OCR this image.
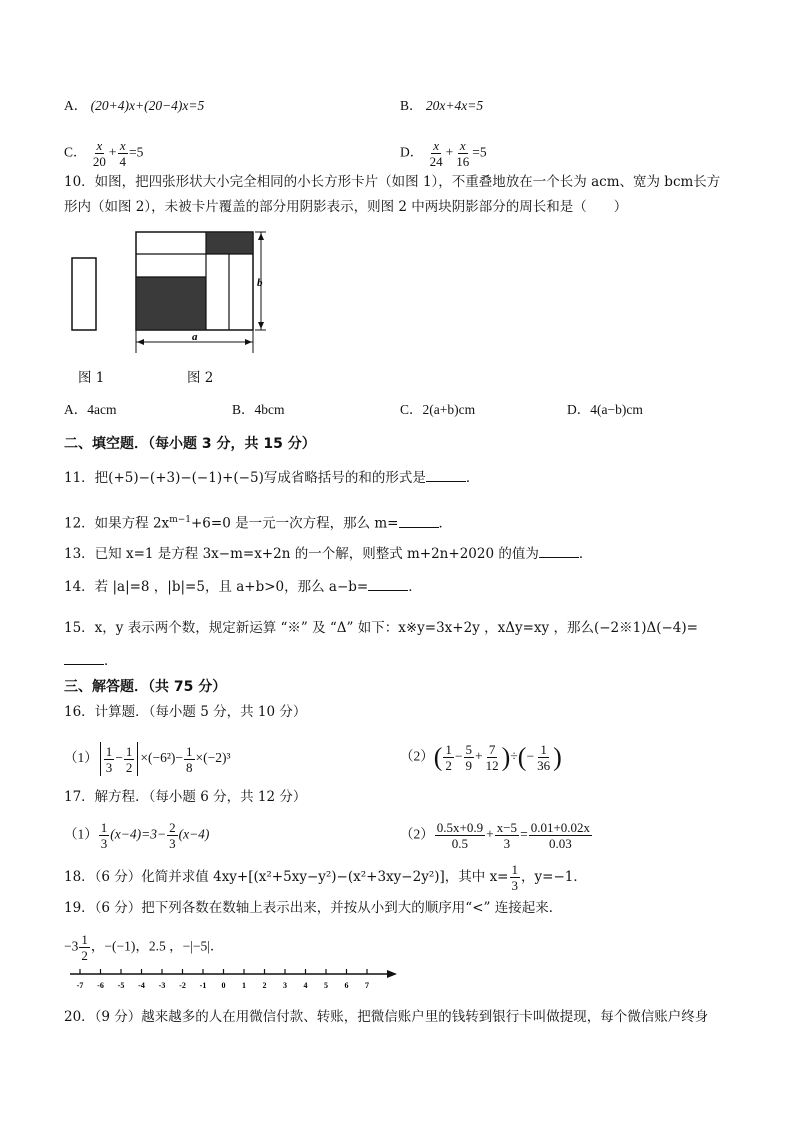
A． (20+4)x+(20−4)x=5	B． 20x+4x=5
C． $\frac{x}{20} + \frac{x}{4} =5$	D． $\frac{x}{24} + \frac{x}{16} =5$
10．如图，把四张形状大小完全相同的小长方形卡片（如图 1），不重叠地放在一个长为 acm、宽为 bcm长方
形内（如图 2），未被卡片覆盖的部分用阴影表示，则图 2 中两块阴影部分的周长和是（　　）
b
a
图 1	图 2
A．4acm	B．4bcm	C．2(a+b)cm	D．4(a−b)cm
二、填空题．（每小题 3 分，共 15 分）
11．把(+5)−(+3)−(−1)+(−5)写成省略括号的和的形式是	．
12．如果方程 $2x^{m-1}+6=0$ 是一元一次方程，那么 m=	．
13．已知 x=1 是方程 3x−m=x+2n 的一个解，则整式 m+2n+2020 的值为	．
14．若 |a|=8 ，|b|=5，且 a+b>0，那么 a−b=	．
15．x，y 表示两个数，规定新运算 “※” 及 “Δ” 如下：x※y=3x+2y ，xΔy=xy ，那么(−2※1)Δ(−4)=
．
三、解答题．（共 75 分）
16．计算题．（每小题 5 分，共 10 分）
$(1) \frac{1}{3} - \frac{1}{2} \times(-6^2)- \frac{1}{8} \times(-2)^3$	$(2)( \frac{1}{2} - \frac{5}{9} + \frac{7}{12}$ )÷(− $\frac{1}{36}$ )
17．解方程．（每小题 6 分，共 12 分）
$(1) \frac{1}{3} (x-4)=3- \frac{2}{3} (x-4)$	$(2) \frac{0.5x+0.9}{0.5} + \frac{x-5}{3} = \frac{0.01+0.02x}{0.03}$
18．（6 分）化简并求值 4xy+[(x²+5xy−y²)−(x²+3xy−2y²)]，其中 $x= \frac{1}{3}$ ，y=−1．
19．（6 分）把下列各数在数轴上表示出来，并按从小到大的顺序用“<” 连接起来．
$-3 \frac{1}{2}$ ，−(−1)，2.5 ，−|−5|．
-7 -6 -5 -4 -3 -2 -1 0 1 2 3 4 5 6 7
20．（9 分）越来越多的人在用微信付款、转账，把微信账户里的钱转到银行卡叫做提现，每个微信账户终身
